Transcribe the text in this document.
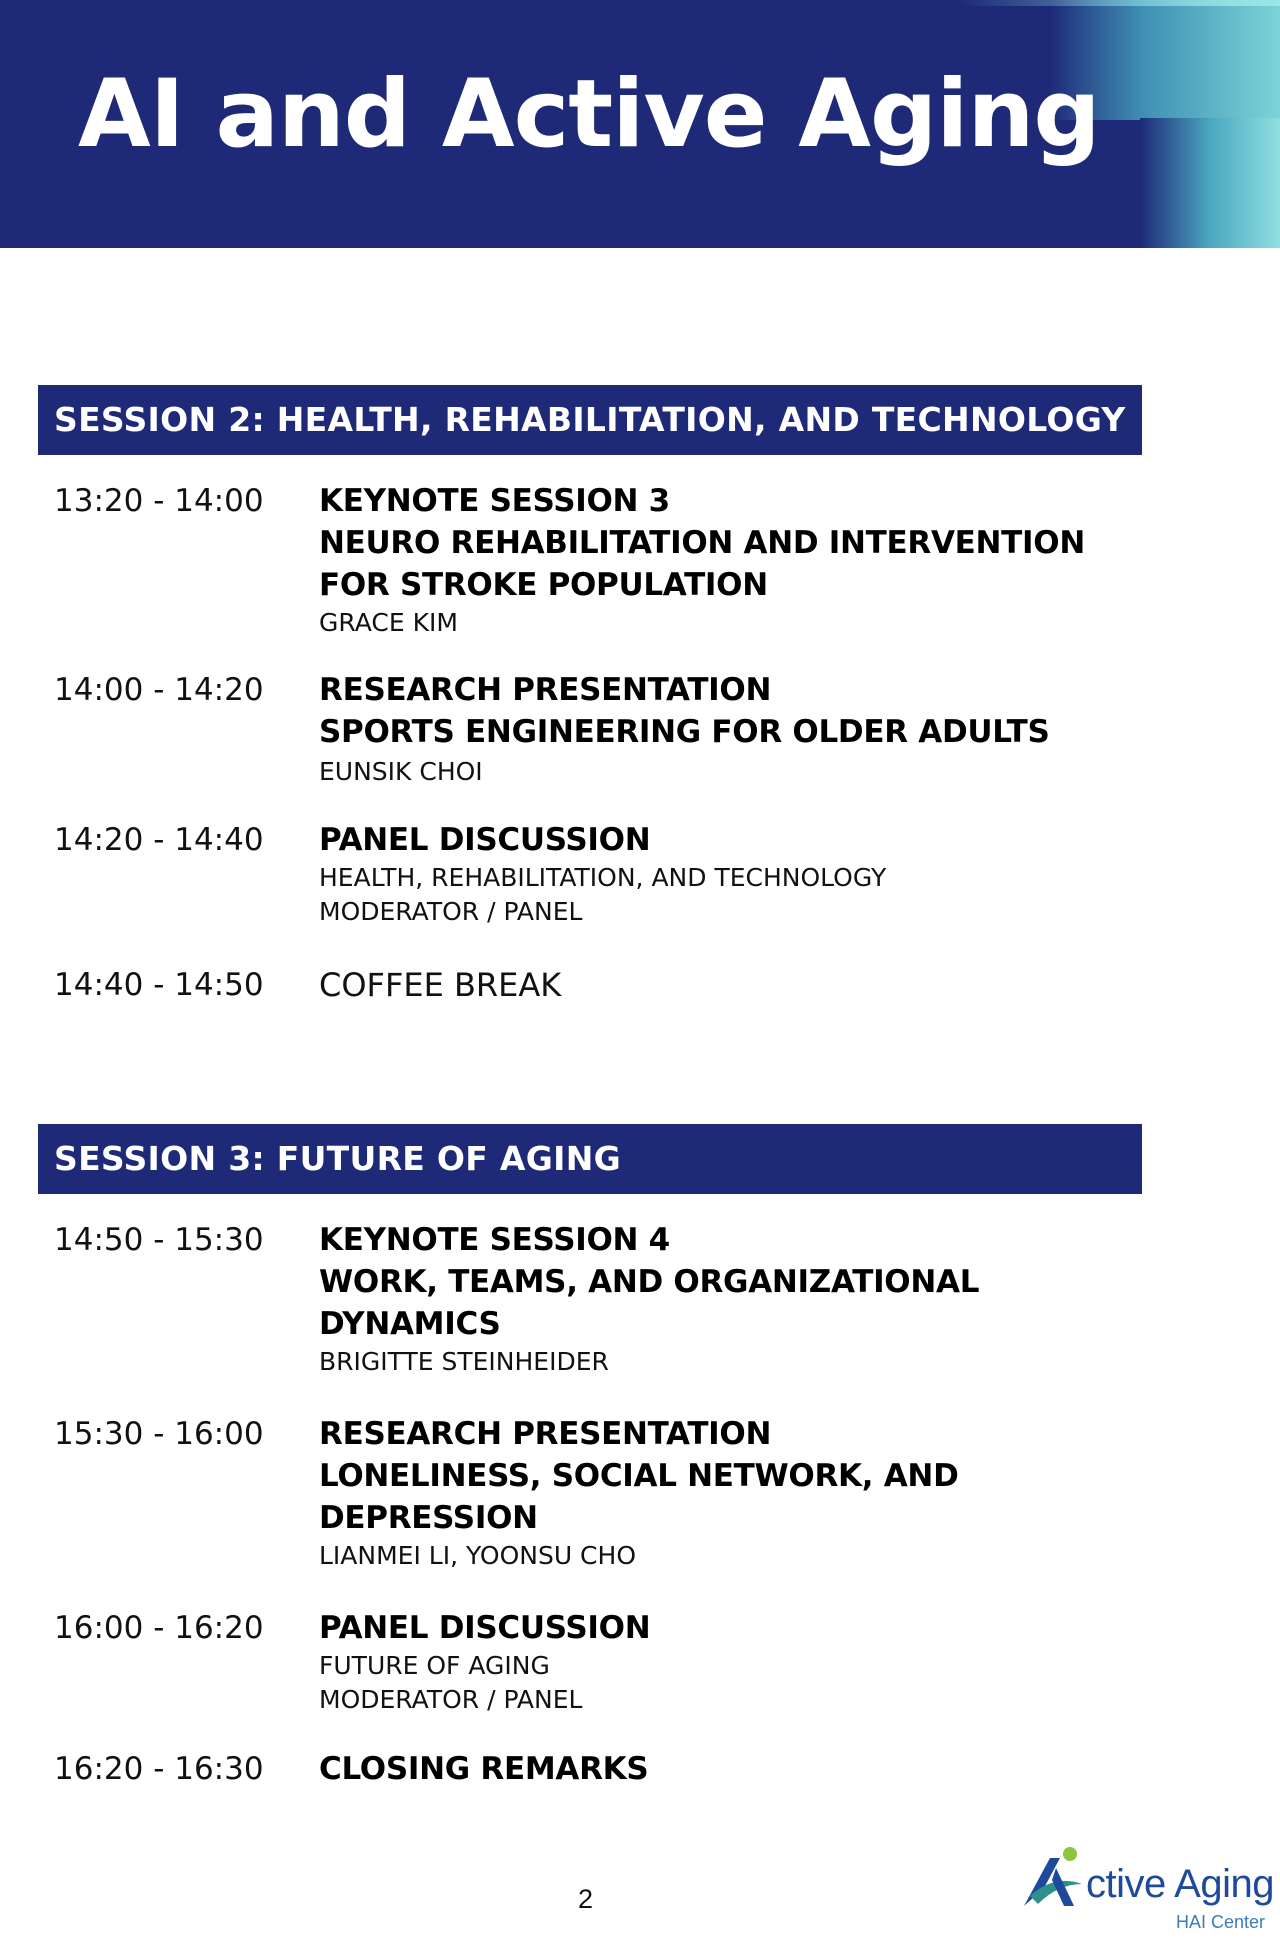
AI and Active Aging
SESSION 2: HEALTH, REHABILITATION, AND TECHNOLOGY
13:20 - 14:00 KEYNOTE SESSION 3
NEURO REHABILITATION AND INTERVENTION
FOR STROKE POPULATION
GRACE KIM
14:00 - 14:20 RESEARCH PRESENTATION
SPORTS ENGINEERING FOR OLDER ADULTS
EUNSIK CHOI
14:20 - 14:40 PANEL DISCUSSION
HEALTH, REHABILITATION, AND TECHNOLOGY
MODERATOR / PANEL
14:40 - 14:50 COFFEE BREAK
SESSION 3: FUTURE OF AGING
14:50 - 15:30 KEYNOTE SESSION 4
WORK, TEAMS, AND ORGANIZATIONAL
DYNAMICS
BRIGITTE STEINHEIDER
15:30 - 16:00 RESEARCH PRESENTATION
LONELINESS, SOCIAL NETWORK, AND
DEPRESSION
LIANMEI LI, YOONSU CHO
16:00 - 16:20 PANEL DISCUSSION
FUTURE OF AGING
MODERATOR / PANEL
16:20 - 16:30 CLOSING REMARKS
2	ctive Aging
HAI Center
